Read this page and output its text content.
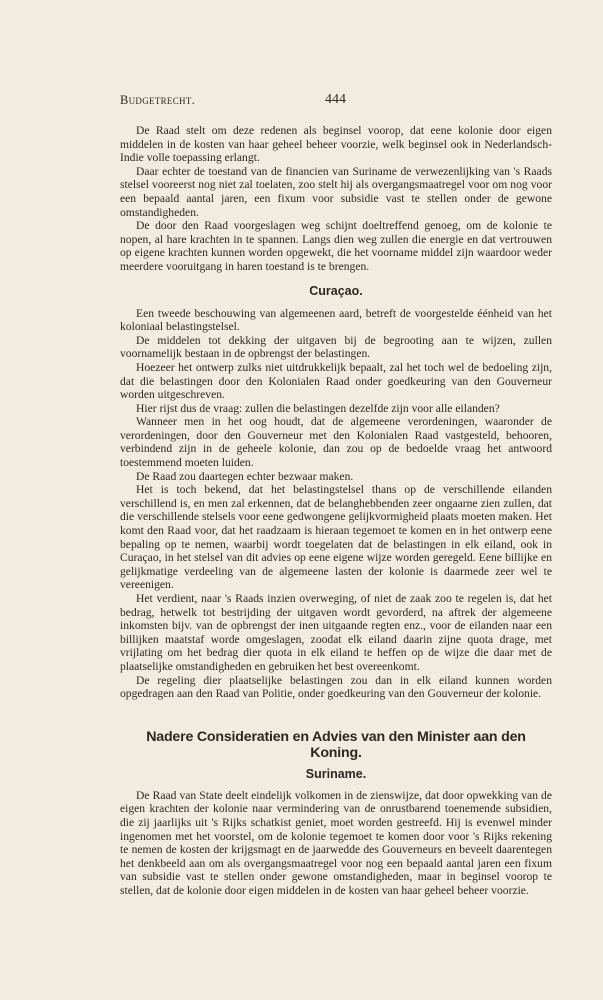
Budgetrecht.	444

De Raad stelt om deze redenen als beginsel voorop, dat eene kolonie door eigen middelen in de kosten van haar geheel beheer voorzie, welk beginsel ook in Nederlandsch-Indie volle toepassing erlangt.

Daar echter de toestand van de financien van Suriname de verwezenlijking van 's Raads stelsel vooreerst nog niet zal toelaten, zoo stelt hij als overgangsmaatregel voor om nog voor een bepaald aantal jaren, een fixum voor subsidie vast te stellen onder de gewone omstandigheden.

De door den Raad voorgeslagen weg schijnt doeltreffend genoeg, om de kolonie te nopen, al hare krachten in te spannen. Langs dien weg zullen die energie en dat vertrouwen op eigene krachten kunnen worden opgewekt, die het voorname middel zijn waardoor weder meerdere vooruitgang in haren toestand is te brengen.

Curaçao.

Een tweede beschouwing van algemeenen aard, betreft de voorgestelde éénheid van het koloniaal belastingstelsel.

De middelen tot dekking der uitgaven bij de begrooting aan te wijzen, zullen voornamelijk bestaan in de opbrengst der belastingen.

Hoezeer het ontwerp zulks niet uitdrukkelijk bepaalt, zal het toch wel de bedoeling zijn, dat die belastingen door den Kolonialen Raad onder goedkeuring van den Gouverneur worden uitgeschreven.

Hier rijst dus de vraag: zullen die belastingen dezelfde zijn voor alle eilanden?

Wanneer men in het oog houdt, dat de algemeene verordeningen, waaronder de verordeningen, door den Gouverneur met den Kolonialen Raad vastgesteld, behooren, verbindend zijn in de geheele kolonie, dan zou op de bedoelde vraag het antwoord toestemmend moeten luiden.

De Raad zou daartegen echter bezwaar maken.

Het is toch bekend, dat het belastingstelsel thans op de verschillende eilanden verschillend is, en men zal erkennen, dat de belanghebbenden zeer ongaarne zien zullen, dat die verschillende stelsels voor eene gedwongene gelijkvormigheid plaats moeten maken. Het komt den Raad voor, dat het raadzaam is hieraan tegemoet te komen en in het ontwerp eene bepaling op te nemen, waarbij wordt toegelaten dat de belastingen in elk eiland, ook in Curaçao, in het stelsel van dit advies op eene eigene wijze worden geregeld. Eene billijke en gelijkmatige verdeeling van de algemeene lasten der kolonie is daarmede zeer wel te vereenigen.

Het verdient, naar 's Raads inzien overweging, of niet de zaak zoo te regelen is, dat het bedrag, hetwelk tot bestrijding der uitgaven wordt gevorderd, na aftrek der algemeene inkomsten bijv. van de opbrengst der inen uitgaande regten enz., voor de eilanden naar een billijken maatstaf worde omgeslagen, zoodat elk eiland daarin zijne quota drage, met vrijlating om het bedrag dier quota in elk eiland te heffen op de wijze die daar met de plaatselijke omstandigheden en gebruiken het best overeenkomt.

De regeling dier plaatselijke belastingen zou dan in elk eiland kunnen worden opgedragen aan den Raad van Politie, onder goedkeuring van den Gouverneur der kolonie.

Nadere Consideratien en Advies van den Minister aan den Koning.
Suriname.

De Raad van State deelt eindelijk volkomen in de zienswijze, dat door opwekking van de eigen krachten der kolonie naar vermindering van de onrustbarend toenemende subsidien, die zij jaarlijks uit 's Rijks schatkist geniet, moet worden gestreefd. Hij is evenwel minder ingenomen met het voorstel, om de kolonie tegemoet te komen door voor 's Rijks rekening te nemen de kosten der krijgsmagt en de jaarwedde des Gouverneurs en beveelt daarentegen het denkbeeld aan om als overgangsmaatregel voor nog een bepaald aantal jaren een fixum van subsidie vast te stellen onder gewone omstandigheden, maar in beginsel voorop te stellen, dat de kolonie door eigen middelen in de kosten van haar geheel beheer voorzie.
